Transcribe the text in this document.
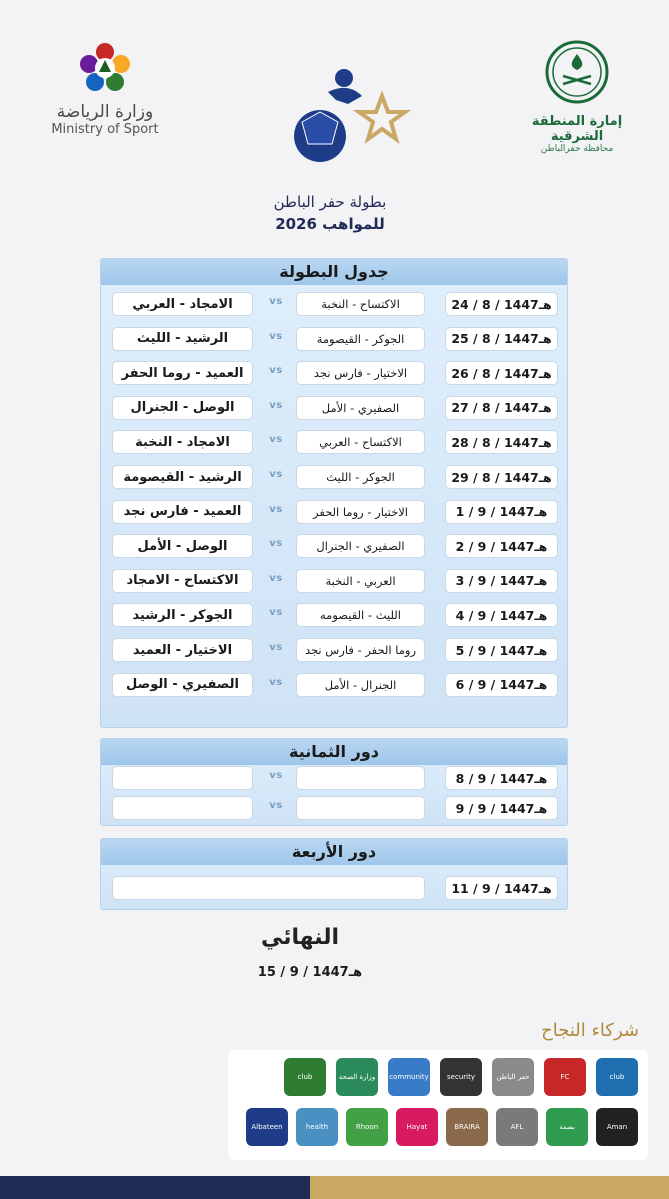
وزارة الرياضة
Ministry of Sport
إمارة المنطقة الشرقية
محافظة حفرالباطن
بطولة حفر الباطن
للمواهب 2026
جدول البطولة
الامجاد - العربي	vs	الاكتساح - النخبة	24 / 8 / 1447هـ
الرشيد - الليث	vs	الجوكر - القيصومة	25 / 8 / 1447هـ
العميد - روما الحفر	vs	الاختيار - فارس نجد	26 / 8 / 1447هـ
الوصل - الجنرال	vs	الصفيري - الأمل	27 / 8 / 1447هـ
الامجاد - النخبة	vs	الاكتساح - العربي	28 / 8 / 1447هـ
الرشيد - القيصومة	vs	الجوكر - الليث	29 / 8 / 1447هـ
العميد - فارس نجد	vs	الاختيار - روما الحفر	1 / 9 / 1447هـ
الوصل - الأمل	vs	الصفيري - الجنرال	2 / 9 / 1447هـ
الاكتساح - الامجاد	vs	العربي - النخبة	3 / 9 / 1447هـ
الجوكر - الرشيد	vs	الليث - القيصومه	4 / 9 / 1447هـ
الاختيار - العميد	vs	روما الحفر - فارس نجد	5 / 9 / 1447هـ
الصفيري - الوصل	vs	الجنرال - الأمل	6 / 9 / 1447هـ
دور الثمانية
vs	8 / 9 / 1447هـ
vs	9 / 9 / 1447هـ
دور الأربعة
11 / 9 / 1447هـ
النهائي
15 / 9 / 1447هـ
شركاء النجاح
club
FC
حفر الباطن
security
community
وزارة الصحة
club
Aman
بصمة
AFL
BRAIRA
Hayat
Rhoon
health
Albateen
